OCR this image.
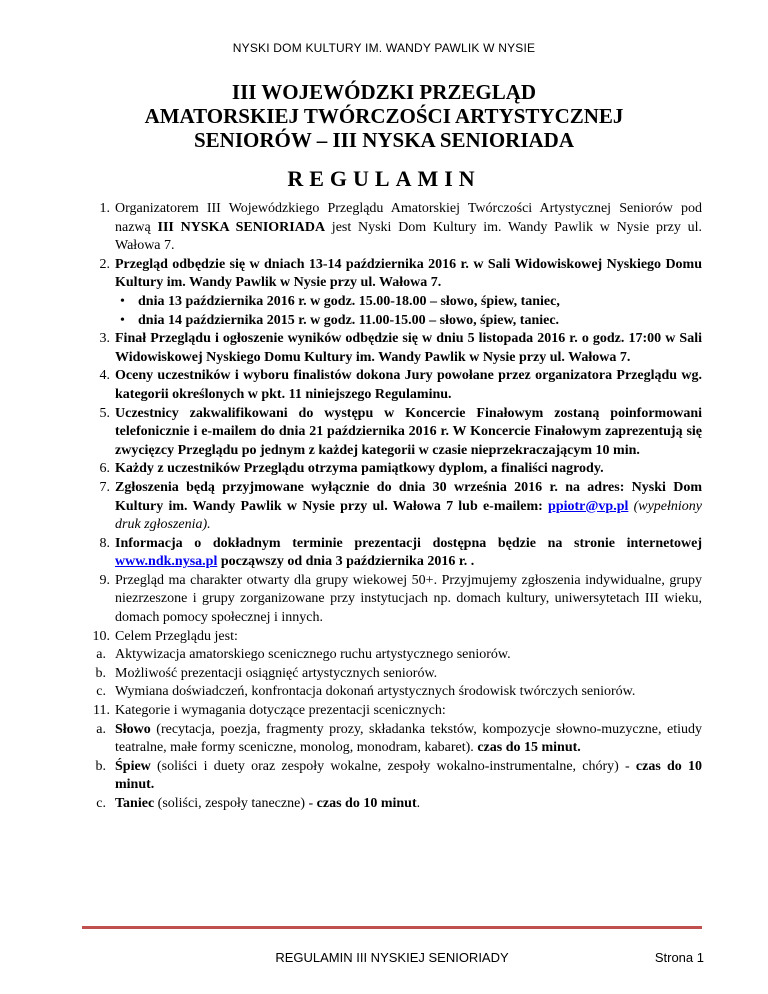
NYSKI DOM KULTURY IM. WANDY PAWLIK W NYSIE
III WOJEWÓDZKI PRZEGLĄD
AMATORSKIEJ TWÓRCZOŚCI ARTYSTYCZNEJ
SENIORÓW – III NYSKA SENIORIADA
REGULAMIN
1. Organizatorem III Wojewódzkiego Przeglądu Amatorskiej Twórczości Artystycznej Seniorów pod nazwą III NYSKA SENIORIADA jest Nyski Dom Kultury im. Wandy Pawlik w Nysie przy ul. Wałowa 7.
2. Przegląd odbędzie się w dniach 13-14 października 2016 r. w Sali Widowiskowej Nyskiego Domu Kultury im. Wandy Pawlik w Nysie przy ul. Wałowa 7.
• dnia 13 października 2016 r. w godz. 15.00-18.00 – słowo, śpiew, taniec,
• dnia 14 października 2015 r. w godz. 11.00-15.00 – słowo, śpiew, taniec.
3. Finał Przeglądu i ogłoszenie wyników odbędzie się w dniu 5 listopada 2016 r. o godz. 17:00 w Sali Widowiskowej Nyskiego Domu Kultury im. Wandy Pawlik w Nysie przy ul. Wałowa 7.
4. Oceny uczestników i wyboru finalistów dokona Jury powołane przez organizatora Przeglądu wg. kategorii określonych w pkt. 11 niniejszego Regulaminu.
5. Uczestnicy zakwalifikowani do występu w Koncercie Finałowym zostaną poinformowani telefonicznie i e-mailem do dnia 21 października 2016 r. W Koncercie Finałowym zaprezentują się zwycięzcy Przeglądu po jednym z każdej kategorii w czasie nieprzekraczającym 10 min.
6. Każdy z uczestników Przeglądu otrzyma pamiątkowy dyplom, a finaliści nagrody.
7. Zgłoszenia będą przyjmowane wyłącznie do dnia 30 września 2016 r. na adres: Nyski Dom Kultury im. Wandy Pawlik w Nysie przy ul. Wałowa 7 lub e-mailem: ppiotr@vp.pl (wypełniony druk zgłoszenia).
8. Informacja o dokładnym terminie prezentacji dostępna będzie na stronie internetowej www.ndk.nysa.pl począwszy od dnia 3 października 2016 r. .
9. Przegląd ma charakter otwarty dla grupy wiekowej 50+. Przyjmujemy zgłoszenia indywidualne, grupy niezrzeszone i grupy zorganizowane przy instytucjach np. domach kultury, uniwersytetach III wieku, domach pomocy społecznej i innych.
10. Celem Przeglądu jest:
a. Aktywizacja amatorskiego scenicznego ruchu artystycznego seniorów.
b. Możliwość prezentacji osiągnięć artystycznych seniorów.
c. Wymiana doświadczeń, konfrontacja dokonań artystycznych środowisk twórczych seniorów.
11. Kategorie i wymagania dotyczące prezentacji scenicznych:
a. Słowo (recytacja, poezja, fragmenty prozy, składanka tekstów, kompozycje słowno-muzyczne, etiudy teatralne, małe formy sceniczne, monolog, monodram, kabaret). czas do 15 minut.
b. Śpiew (soliści i duety oraz zespoły wokalne, zespoły wokalno-instrumentalne, chóry) - czas do 10 minut.
c. Taniec (soliści, zespoły taneczne) - czas do 10 minut.
REGULAMIN III NYSKIEJ SENIORIADY	Strona 1
